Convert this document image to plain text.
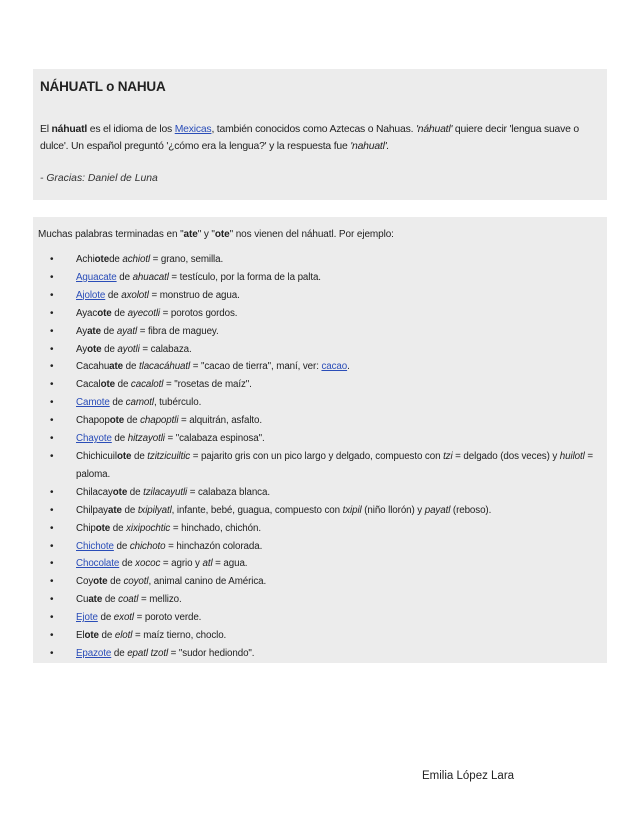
NÁHUATL o NAHUA
El náhuatl es el idioma de los Mexicas, también conocidos como Aztecas o Nahuas. 'náhuatl' quiere decir 'lengua suave o dulce'. Un español preguntó '¿cómo era la lengua?' y la respuesta fue 'nahuatl'.
- Gracias: Daniel de Luna
Muchas palabras terminadas en "ate" y "ote" nos vienen del náhuatl. Por ejemplo:
• Achiotede achiotl = grano, semilla.
• Aguacate de ahuacatl = testículo, por la forma de la palta.
• Ajolote de axolotl = monstruo de agua.
• Ayacote de ayecotli = porotos gordos.
• Ayate de ayatl = fibra de maguey.
• Ayote de ayotli = calabaza.
• Cacahuate de tlacacáhuatl = "cacao de tierra", maní, ver: cacao.
• Cacalote de cacalotl = "rosetas de maíz".
• Camote de camotl, tubérculo.
• Chapopote de chapoptli = alquitrán, asfalto.
• Chayote de hitzayotli = "calabaza espinosa".
• Chichicuilote de tzitzicuiltic = pajarito gris con un pico largo y delgado, compuesto con tzi = delgado (dos veces) y huilotl = paloma.
• Chilacayote de tzilacayutli = calabaza blanca.
• Chilpayate de txipilyatl, infante, bebé, guagua, compuesto con txipil (niño llorón) y payatl (reboso).
• Chipote de xixipochtic = hinchado, chichón.
• Chichote de chichoto = hinchazón colorada.
• Chocolate de xococ = agrio y atl = agua.
• Coyote de coyotl, animal canino de América.
• Cuate de coatl = mellizo.
• Ejote de exotl = poroto verde.
• Elote de elotl = maíz tierno, choclo.
• Epazote de epatl tzotl = "sudor hediondo".
Emilia López Lara
